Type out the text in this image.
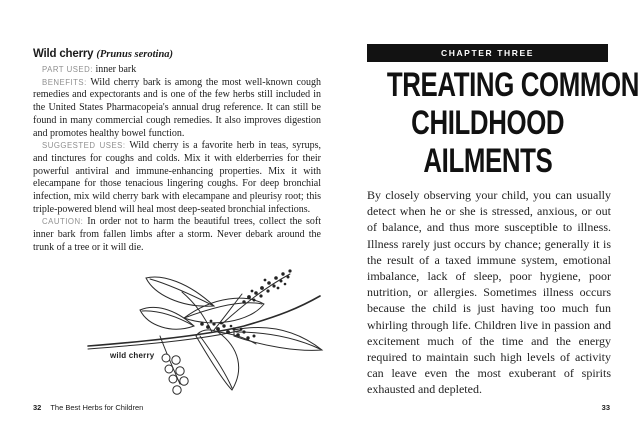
Wild cherry (Prunus serotina)

PART USED: inner bark

BENEFITS: Wild cherry bark is among the most well-known cough remedies and expectorants and is one of the few herbs still included in the United States Pharmacopeia's annual drug reference. It can still be found in many commercial cough remedies. It also improves digestion and promotes healthy bowel function.

SUGGESTED USES: Wild cherry is a favorite herb in teas, syrups, and tinctures for coughs and colds. Mix it with elderberries for their powerful antiviral and immune-enhancing properties. Mix it with elecampane for those tenacious lingering coughs. For deep bronchial infection, mix wild cherry bark with elecampane and pleurisy root; this triple-powered blend will heal most deep-seated bronchial infections.

CAUTION: In order not to harm the beautiful trees, collect the soft inner bark from fallen limbs after a storm. Never debark around the trunk of a tree or it will die.

wild cherry
32 The Best Herbs for Children
CHAPTER THREE
TREATING COMMON
CHILDHOOD
AILMENTS

By closely observing your child, you can usually detect when he or she is stressed, anxious, or out of balance, and thus more susceptible to illness. Illness rarely just occurs by chance; generally it is the result of a taxed immune system, emotional imbalance, lack of sleep, poor hygiene, poor nutrition, or allergies. Sometimes illness occurs because the child is just having too much fun whirling through life. Children live in passion and excitement much of the time and the energy required to maintain such high levels of activity can leave even the most exuberant of spirits exhausted and depleted.

33
